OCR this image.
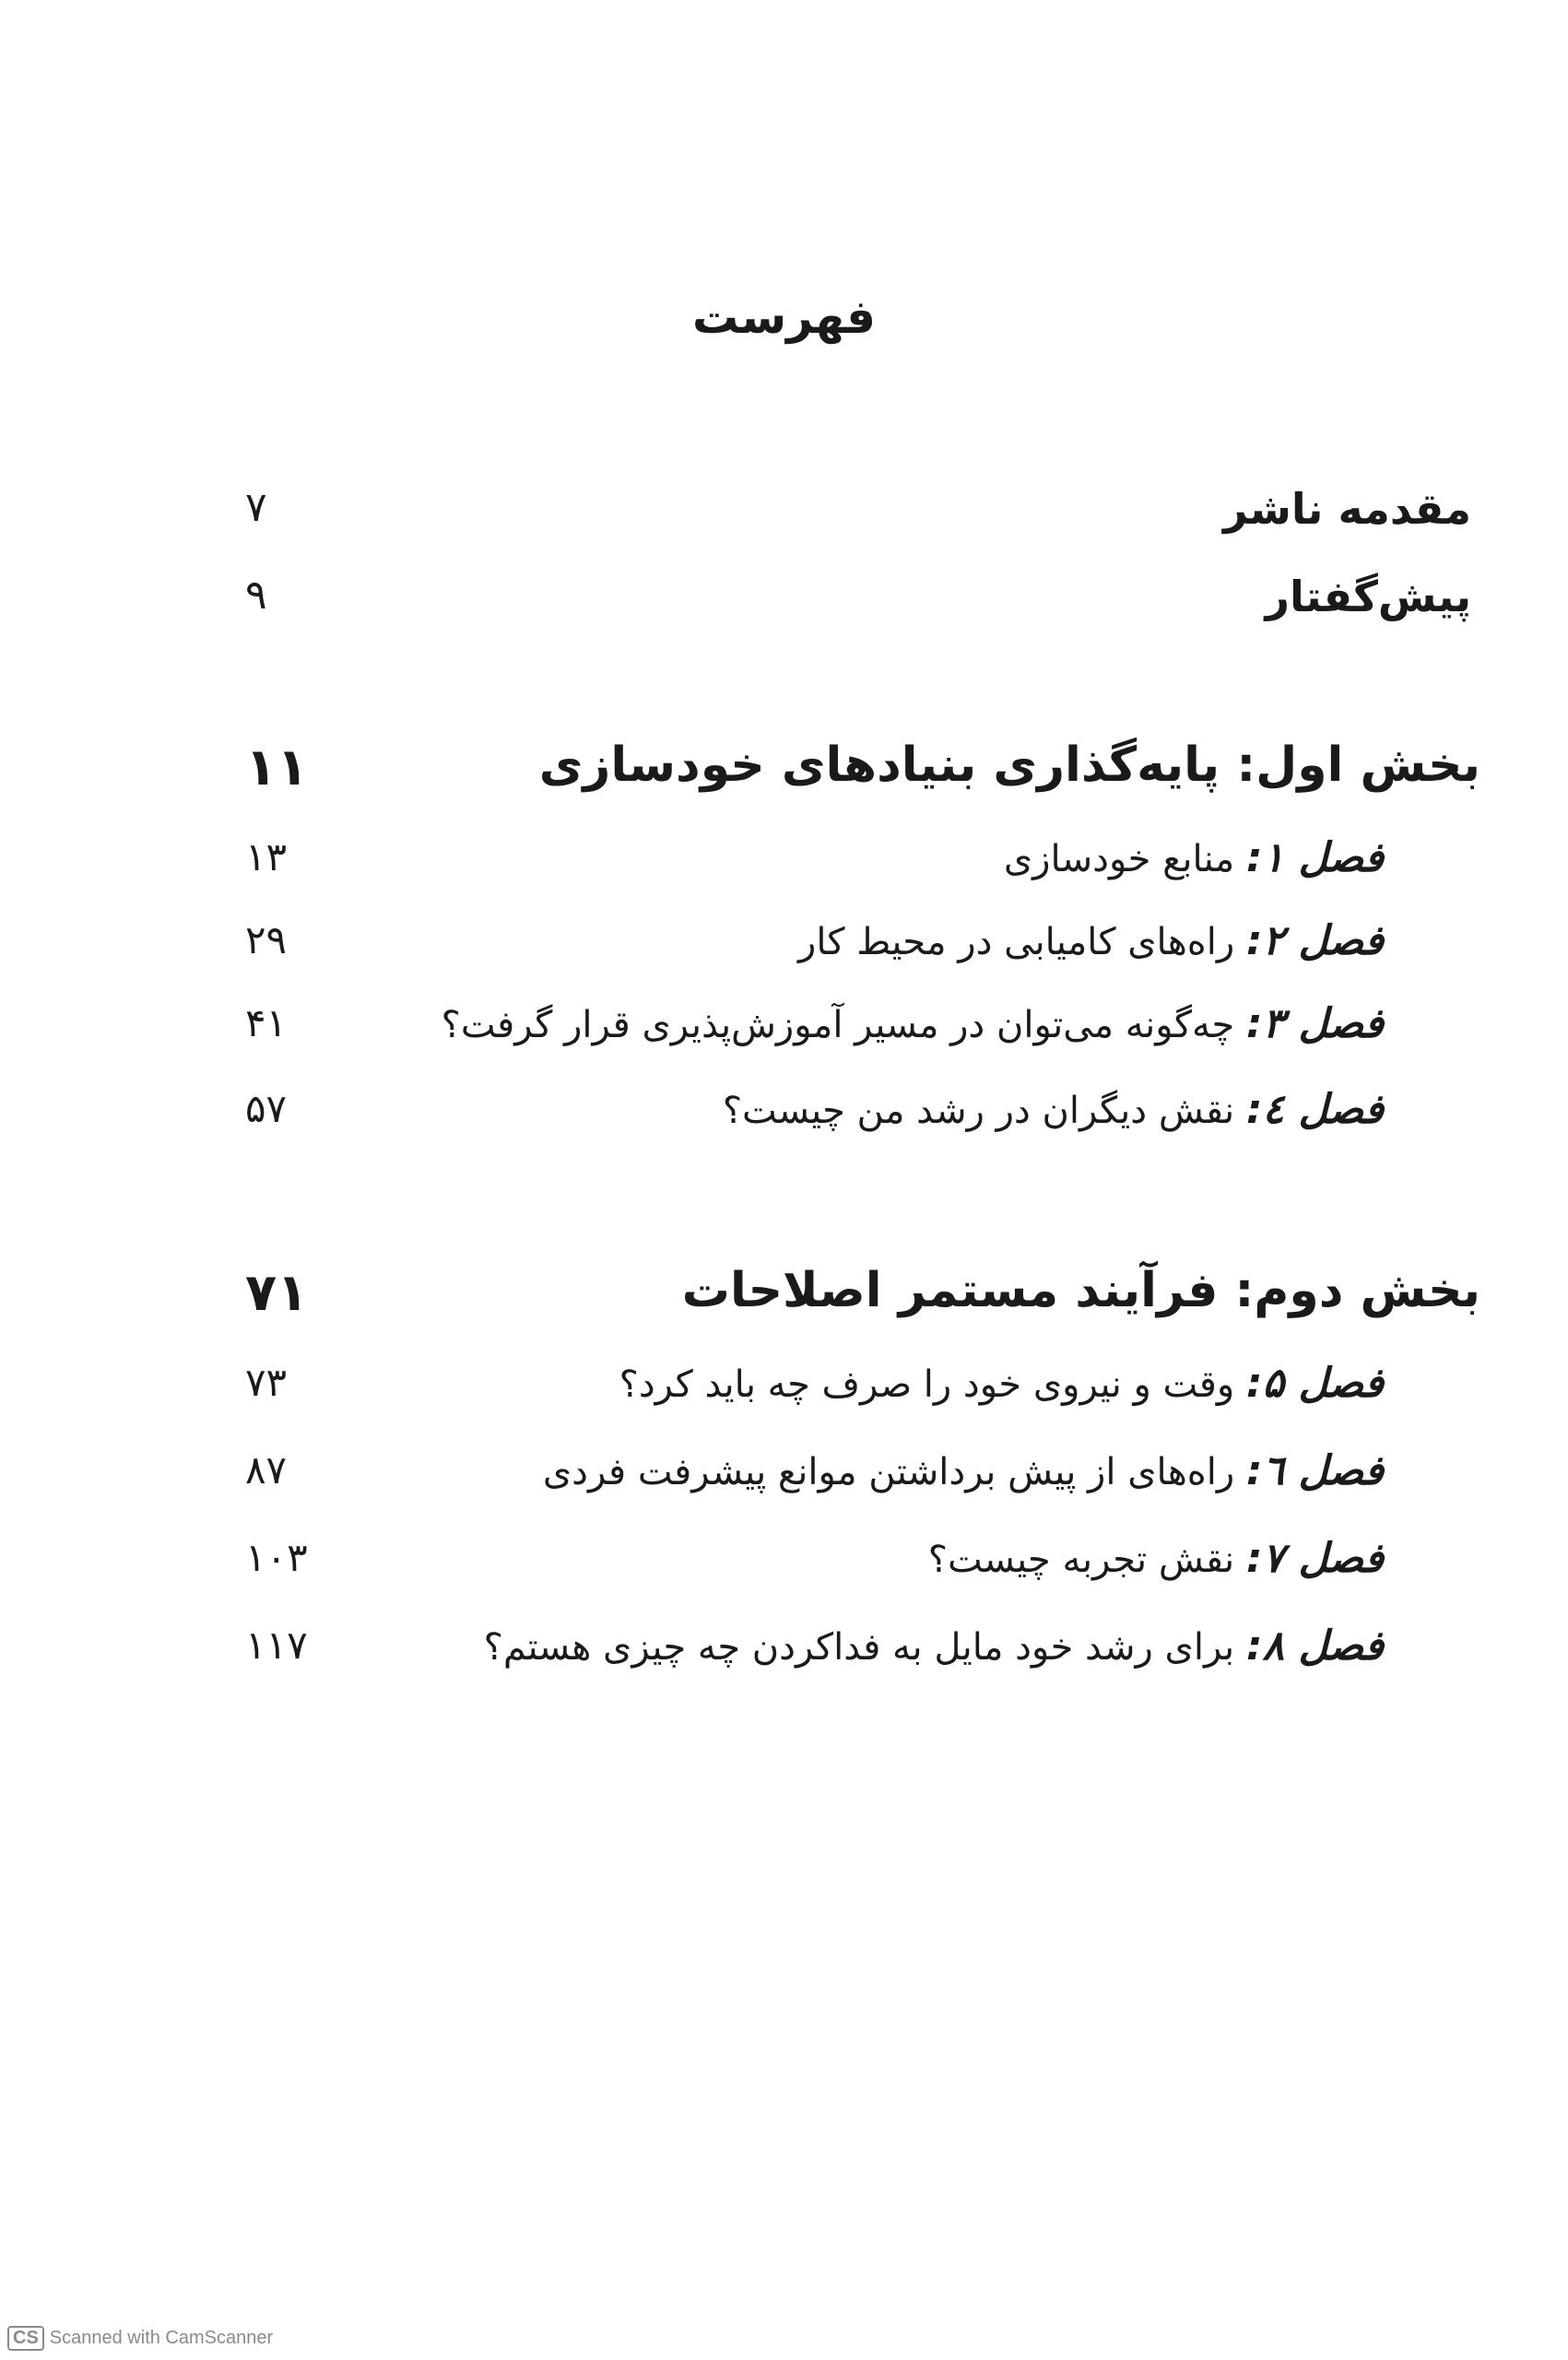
فهرست
مقدمه ناشر
۷
پیش‌گفتار
۹
بخش اول: پایه‌گذاری بنیادهای خودسازی
۱۱
فصل ۱: منابع خودسازی
۱۳
فصل ۲: راه‌های کامیابی در محیط کار
۲۹
فصل ۳: چه‌گونه می‌توان در مسیر آموزش‌پذیری قرار گرفت؟
۴۱
فصل ٤: نقش دیگران در رشد من چیست؟
۵۷
بخش دوم: فرآیند مستمر اصلاحات
۷۱
فصل ۵: وقت و نیروی خود را صرف چه باید کرد؟
۷۳
فصل ٦: راه‌های از پیش برداشتن موانع پیشرفت فردی
۸۷
فصل ۷: نقش تجربه چیست؟
۱۰۳
فصل ۸: برای رشد خود مایل به فداکردن چه چیزی هستم؟
۱۱۷
CS Scanned with CamScanner
